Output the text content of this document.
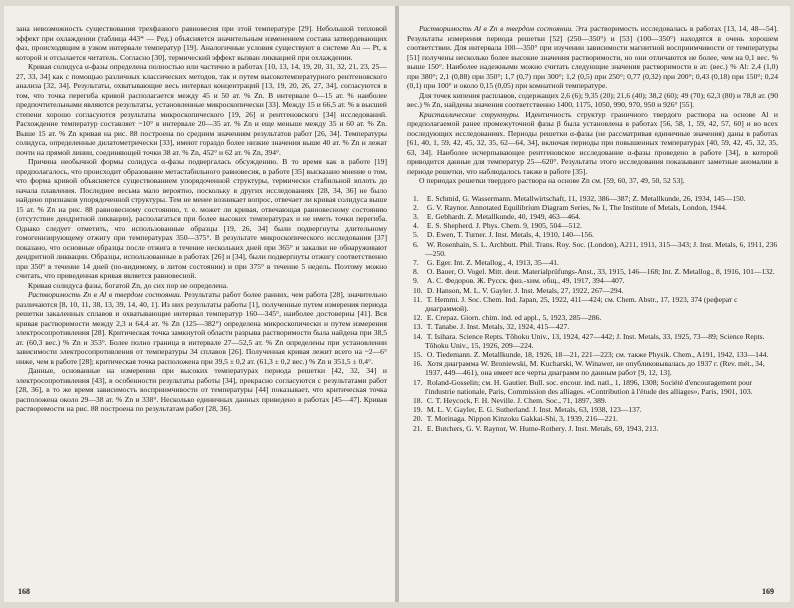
зана невозможность существования трехфазного равновесия при этой температуре [29]. Небольшой тепловой эффект при охлаждении (таблица 443* — Ред.) объясняется значительным изменением состава затвердевающих фаз, происходящим в узком интервале температур [19]. Аналогичные условия существуют в системе Au — Pt, к которой и отсылается читатель. Согласно [30], термический эффект вызван ликвацией при охлаждении.

Кривая солидуса α-фазы определена полностью или частично в работах [10, 13, 14, 19, 20, 31, 32, 21, 23, 25—27, 33, 34] как с помощью различных классических методов, так и путем высокотемпературного рентгеновского анализа [32, 34]. Результаты, охватывающие весь интервал концентраций [13, 19, 20, 26, 27, 34], согласуются в том, что точка перегиба кривой располагается между 45 и 50 ат. % Zn. В интервале 0—15 ат. % наиболее предпочтительными являются результаты, установленные микроскопически [33]. Между 15 и 66,5 ат. % в высшей степени хорошо согласуются результаты микроскопического [19, 26] и рентгеновского [34] исследований. Расхождение температур составляет ~10° в интервале 20—35 ат. % Zn и еще меньше между 35 и 60 ат. % Zn. Выше 15 ат. % Zn кривая на рис. 88 построена по средним значениям результатов работ [26, 34]. Температуры солидуса, определенные дилатометрически [33], имеют гораздо более низкие значения выше 40 ат. % Zn и лежат почти на прямой линии, соединяющей точки 38 ат. % Zn, 452° и 62 ат. % Zn, 394°.

Причина необычной формы солидуса α-фазы подвергалась обсуждению. В то время как в работе [19] предполагалось, что происходит образование метастабильного равновесия, в работе [35] высказано мнение о том, что форма кривой объясняется существованием упорядоченной структуры, термически стабильной вплоть до начала плавления. Последнее весьма мало вероятно, поскольку в других исследованиях [28, 34, 36] не было найдено признаков упорядоченной структуры. Тем не менее возникает вопрос, отвечает ли кривая солидуса выше 15 ат. % Zn на рис. 88 равновесному состоянию, т. е. может ли кривая, отвечающая равновесному состоянию (отсутствие дендритной ликвации), располагаться при более высоких температурах и не иметь точки перегиба. Однако следует отметить, что использованные образцы [19, 26, 34] были подвергнуты длительному гомогенизирующему отжигу при температурах 350—375°. В результате микроскопического исследования [37] показано, что основные образцы после отжига в течение нескольких дней при 365° и закалки не обнаруживают дендритной ликвации. Образцы, использованные в работах [26] и [34], были подвергнуты отжигу соответственно при 350° в течение 14 дней (по-видимому, в литом состоянии) и при 375° в течение 5 недель. Поэтому можно считать, что приведенная кривая является равновесной.

Кривая солидуса фазы, богатой Zn, до сих пор не определена.

Растворимость Zn в Al в твердом состоянии. Результаты работ более ранних, чем работа [28], значительно различаются [8, 10, 11, 38, 13, 39, 14, 40, 1]. Из них результаты работы [1], полученные путем измерения периода решетки закаленных сплавов и охватывающие интервал температур 160—345°, наиболее достоверны [41]. Вся кривая растворимости между 2,3 и 64,4 ат. % Zn (125—382°) определена микроскопически и путем измерения электросопротивления [28]. Критическая точка замкнутой области разрыва растворимости была найдена при 38,5 ат. (60,3 вес.) % Zn и 353°. Более полно граница в интервале 27—52,5 ат. % Zn определены при установлении зависимости электросопротивления от температуры 34 сплавов [26]. Полученная кривая лежит всего на ~2—6° ниже, чем в работе [28]; критическая точка расположена при 39,5 ± 0,2 ат. (61,3 ± 0,2 вес.) % Zn и 351,5 ± 0,4°.

Данные, основанные на измерении при высоких температурах периода решетки [42, 32, 34] и электросопротивления [43], в особенности результаты работы [34], прекрасно согласуются с результатами работ [28, 36], в то же время зависимость восприимчивости от температуры [44] показывает, что критическая точка расположена около 29—38 ат. % Zn и 338°. Несколько единичных данных приведено в работах [45—47]. Кривая растворимости на рис. 88 построена по результатам работ [28, 36].

168

Растворимость Al в Zn в твердом состоянии. Эта растворимость исследовалась в работах [13, 14, 48—54]. Результаты измерения периода решетки [52] (250—350°) и [53] (100—350°) находятся в очень хорошем соответствии. Для интервала 100—350° при изучении зависимости магнитной восприимчивости от температуры [51] получены несколько более высокие значения растворимости, но они отличаются не более, чем на 0,1 вес. % выше 150°. Наиболее надежными можно считать следующие значения растворимости в ат. (вес.) % Al: 2,4 (1,0) при 380°; 2,1 (0,88) при 350°; 1,7 (0,7) при 300°; 1,2 (0,5) при 250°; 0,77 (0,32) при 200°; 0,43 (0,18) при 150°; 0,24 (0,1) при 100° и около 0,15 (0,05) при комнатной температуре.

Для точек кипения расплавов, содержащих 2,6 (6); 9,35 (20); 21,6 (40); 38,2 (60); 49 (70); 62,3 (80) и 78,8 ат. (90 вес.) % Zn, найдены значения соответственно 1400, 1175, 1050, 990, 970, 950 и 926° [55].

Кристаллические структуры. Идентичность структур граничного твердого раствора на основе Al и предполагаемой ранее промежуточной фазы β была установлена в работах [56, 58, 1, 59, 42, 57, 60] и во всех последующих исследованиях. Периоды решетки α-фазы (не рассматривая единичные значения) даны в работах [61, 40, 1, 59, 42, 45, 32, 35, 62—64, 34], включая периоды при повышенных температурах [40, 59, 42, 45, 32, 35, 63, 34]. Наиболее исчерпывающее рентгеновское исследование α-фазы проведено в работе [34], в которой приводится данные для температур 25—620°. Результаты этого исследования показывают заметные аномалии в периоде решетки, что наблюдалось также в работе [35].

О периодах решетки твердого раствора на основе Zn см. [59, 60, 37, 49, 50, 52 53].

1. E. Schmid, G. Wassermann. Metallwirtschaft, 11, 1932, 386—387; Z. Metallkunde, 26, 1934, 145—150.

2. G. V. Raynor. Annotated Equilibrium Diagram Series, № 1, The Institute of Metals, London, 1944.

3. E. Gebhardt. Z. Metallkunde, 40, 1949, 463—464.

4. E. S. Shepherd. J. Phys. Chem. 9, 1905, 504—512.

5. D. Ewen, T. Turner. J. Inst. Metals, 4, 1910, 140—156.

6. W. Rosenhain, S. L. Archbutt. Phil. Trans. Roy. Soc. (London), A211, 1911, 315—343; J. Inst. Metals, 6, 1911, 236—250.

7. G. Eger. Int. Z. Metallog., 4, 1913, 35—41.

8. O. Bauer, O. Vogel. Mitt. deut. Materialprüfungs-Anst., 33, 1915, 146—168; Int. Z. Metallog., 8, 1916, 101—132.

9. А. С. Федоров. Ж. Русск. физ.-хим. общ., 49, 1917, 394—407.

10. D. Hanson, M. L. V. Gayler. J. Inst. Metals, 27, 1922, 267—294.

11. T. Hemmi. J. Soc. Chem. Ind. Japan, 25, 1922, 411—424; см. Chem. Abstr., 17, 1923, 374 (реферат с диаграммой).

12. E. Crepaz. Giorn. chim. ind. ed appl., 5, 1923, 285—286.

13. T. Tanabe. J. Inst. Metals, 32, 1924, 415—427.

14. T. Isihara. Science Repts. Tôhoku Univ., 13, 1924, 427—442; J. Inst. Metals, 33, 1925, 73—89; Science Repts. Tôhoku Univ., 15, 1926, 209—224.

15. O. Tiedemann. Z. Metallkunde, 18, 1926, 18—21, 221—223; см. также Physik. Chem., A191, 1942, 133—144.

16. Хотя диаграмма W. Broniewski, M. Kucharski, W. Winawer, не опубликовывалась до 1937 г. (Rev. mét., 34, 1937, 449—461), она имеет все черты диаграмм по данным работ [9, 12, 13].

17. Roland-Gosselin; см. H. Gautier. Bull. soc. encour. ind. natl., 1, 1896, 1308; Société d'encouragement pour l'industrie nationale, Paris, Commission des alliages. «Contribution à l'étude des alliages», Paris, 1901, 103.

18. C. T. Heycock, F. H. Neville. J. Chem. Soc., 71, 1897, 389.

19. M. L. V. Gayler, E. G. Sutherland. J. Inst. Metals, 63, 1938, 123—137.

20. T. Morinaga. Nippon Kinzoku Gakkai-Shi, 3, 1939, 216—221.

21. E. Butchers, G. V. Raynor, W. Hume-Rothery. J. Inst. Metals, 69, 1943, 213.

169
